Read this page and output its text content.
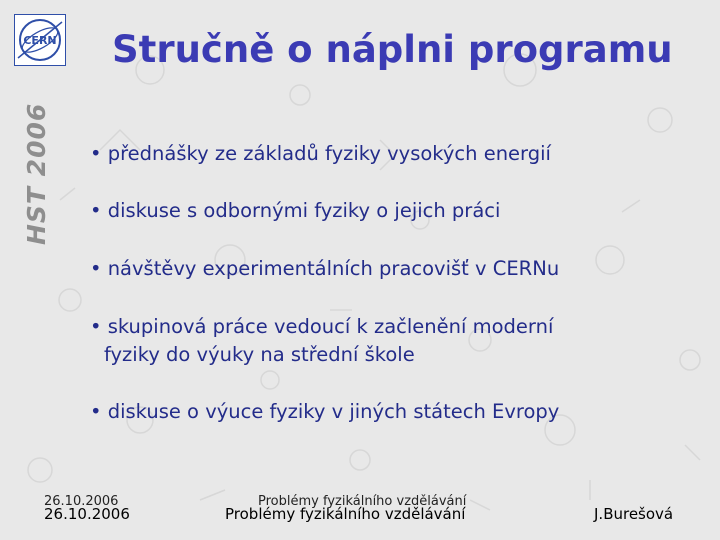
CERN
HST 2006
Stručně o náplni programu
• přednášky ze základů fyziky vysokých energií
• diskuse s odbornými fyziky o jejich práci
• návštěvy experimentálních pracovišť v CERNu
• skupinová práce vedoucí k začlenění moderní
fyziky do výuky na střední škole
• diskuse o výuce fyziky v jiných státech Evropy
26.10.2006
26.10.2006
Problémy fyzikálního vzdělávání
Problémy fyzikálního vzdělávání	J.Burešová
